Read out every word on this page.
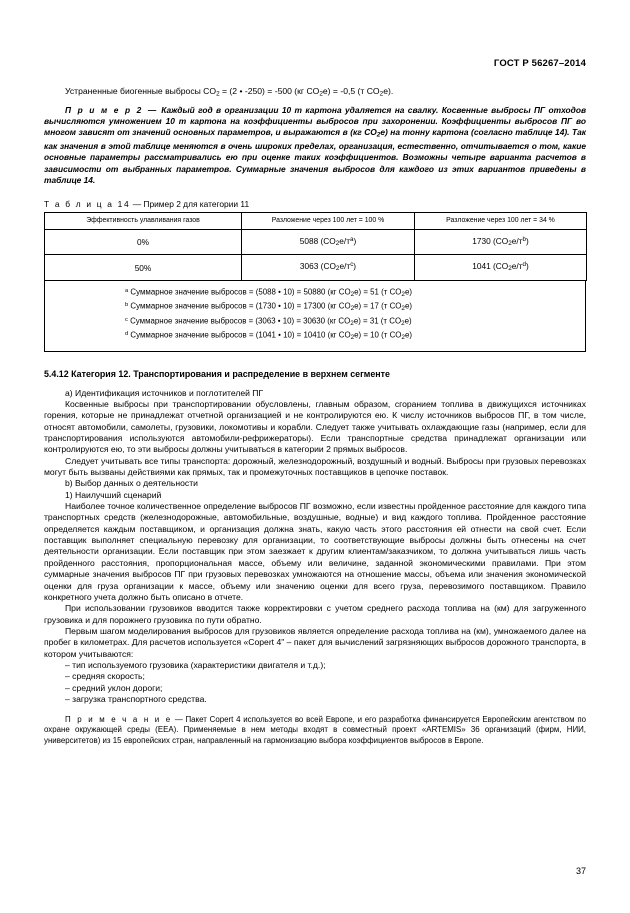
ГОСТ Р 56267–2014

Устраненные биогенные выбросы $CO_2 = (2$ • -250) = -500 (кг $CO_2e) = -0,5$ (т $CO_2e$).

П р и м е р 2 — Каждый год в организации 10 т картона удаляется на свалку. Косвенные выбросы ПГ отходов вычисляются умножением 10 т картона на коэффициенты выбросов при захоронении. Коэффициенты выбросов ПГ во многом зависят от значений основных параметров, и выражаются в (кг $CO_2e$) на тонну картона (согласно таблице 14). Так как значения в этой таблице меняются в очень широких пределах, организация, естественно, отчитывается о том, какие основные параметры рассматривались ею при оценке таких коэффициентов. Возможны четыре варианта расчетов в зависимости от выбранных параметров. Суммарные значения выбросов для каждого из этих вариантов приведены в таблице 14.

Т а б л и ц а 14 — Пример 2 для категории 11
Эффективность улавливания газов	Разложение через 100 лет = 100 %	Разложение через 100 лет = 34 %
0%	5088 $(CO_2e/т^a)$	1730 $(CO_2e/т^b)$
50%	3063 $(CO_2e/т^c)$	1041 $(CO_2e/т^d)$
$^a$ Суммарное значение выбросов = (5088 • 10) = 50880 (кг $CO_2e) = 51$ (т $CO_2e$)
$^b$ Суммарное значение выбросов = (1730 • 10) = 17300 (кг $CO_2e) = 17$ (т $CO_2e$)
$^c$ Суммарное значение выбросов = (3063 • 10) = 30630 (кг $CO_2e) = 31$ (т $CO_2e$)
$^d$ Суммарное значение выбросов = (1041 • 10) = 10410 (кг $CO_2e) = 10$ (т $CO_2e$)
5.4.12 Категория 12. Транспортирования и распределение в верхнем сегменте

a) Идентификация источников и поглотителей ПГ

Косвенные выбросы при транспортировании обусловлены, главным образом, сгоранием топлива в движущихся источниках горения, которые не принадлежат отчетной организацией и не контролируются ею. К числу источников выбросов ПГ, в том числе, относят автомобили, самолеты, грузовики, локомотивы и корабли. Следует также учитывать охлаждающие газы (например, если для транспортирования используются автомобили-рефрижераторы). Если транспортные средства принадлежат организации или контролируются ею, то эти выбросы должны учитываться в категории 2 прямых выбросов.

Следует учитывать все типы транспорта: дорожный, железнодорожный, воздушный и водный. Выбросы при грузовых перевозках могут быть вызваны действиями как прямых, так и промежуточных поставщиков в цепочке поставок.

b) Выбор данных о деятельности

1) Наилучший сценарий

Наиболее точное количественное определение выбросов ПГ возможно, если известны пройденное расстояние для каждого типа транспортных средств (железнодорожные, автомобильные, воздушные, водные) и вид каждого топлива. Пройденное расстояние определяется каждым поставщиком, и организация должна знать, какую часть этого расстояния ей отнести на свой счет. Если поставщик выполняет специальную перевозку для организации, то соответствующие выбросы должны быть отнесены на счет деятельности организации. Если поставщик при этом заезжает к другим клиентам/заказчиком, то должна учитываться лишь часть пройденного расстояния, пропорциональная массе, объему или величине, заданной экономическими правилами. При этом суммарные значения выбросов ПГ при грузовых перевозках умножаются на отношение массы, объема или значения экономической оценки для груза организации к массе, объему или значению оценки для всего груза, перевозимого поставщиком. Правило конкретного учета должно быть описано в отчете.

При использовании грузовиков вводится также корректировки с учетом среднего расхода топлива на (км) для загруженного грузовика и для порожнего грузовика по пути обратно.

Первым шагом моделирования выбросов для грузовиков является определение расхода топлива на (км), умножаемого далее на пробег в километрах. Для расчетов используется «Copert 4" – пакет для вычислений загрязняющих выбросов дорожного транспорта, в котором учитываются:

– тип используемого грузовика (характеристики двигателя и т.д.);
– средняя скорость;
– средний уклон дороги;
– загрузка транспортного средства.

П р и м е ч а н и е — Пакет Copert 4 используется во всей Европе, и его разработка финансируется Европейским агентством по охране окружающей среды (EEA). Применяемые в нем методы входят в совместный проект «ARTEMIS» 36 организаций (фирм, НИИ, университетов) из 15 европейских стран, направленный на гармонизацию выбора коэффициентов выбросов в Европе.

37
